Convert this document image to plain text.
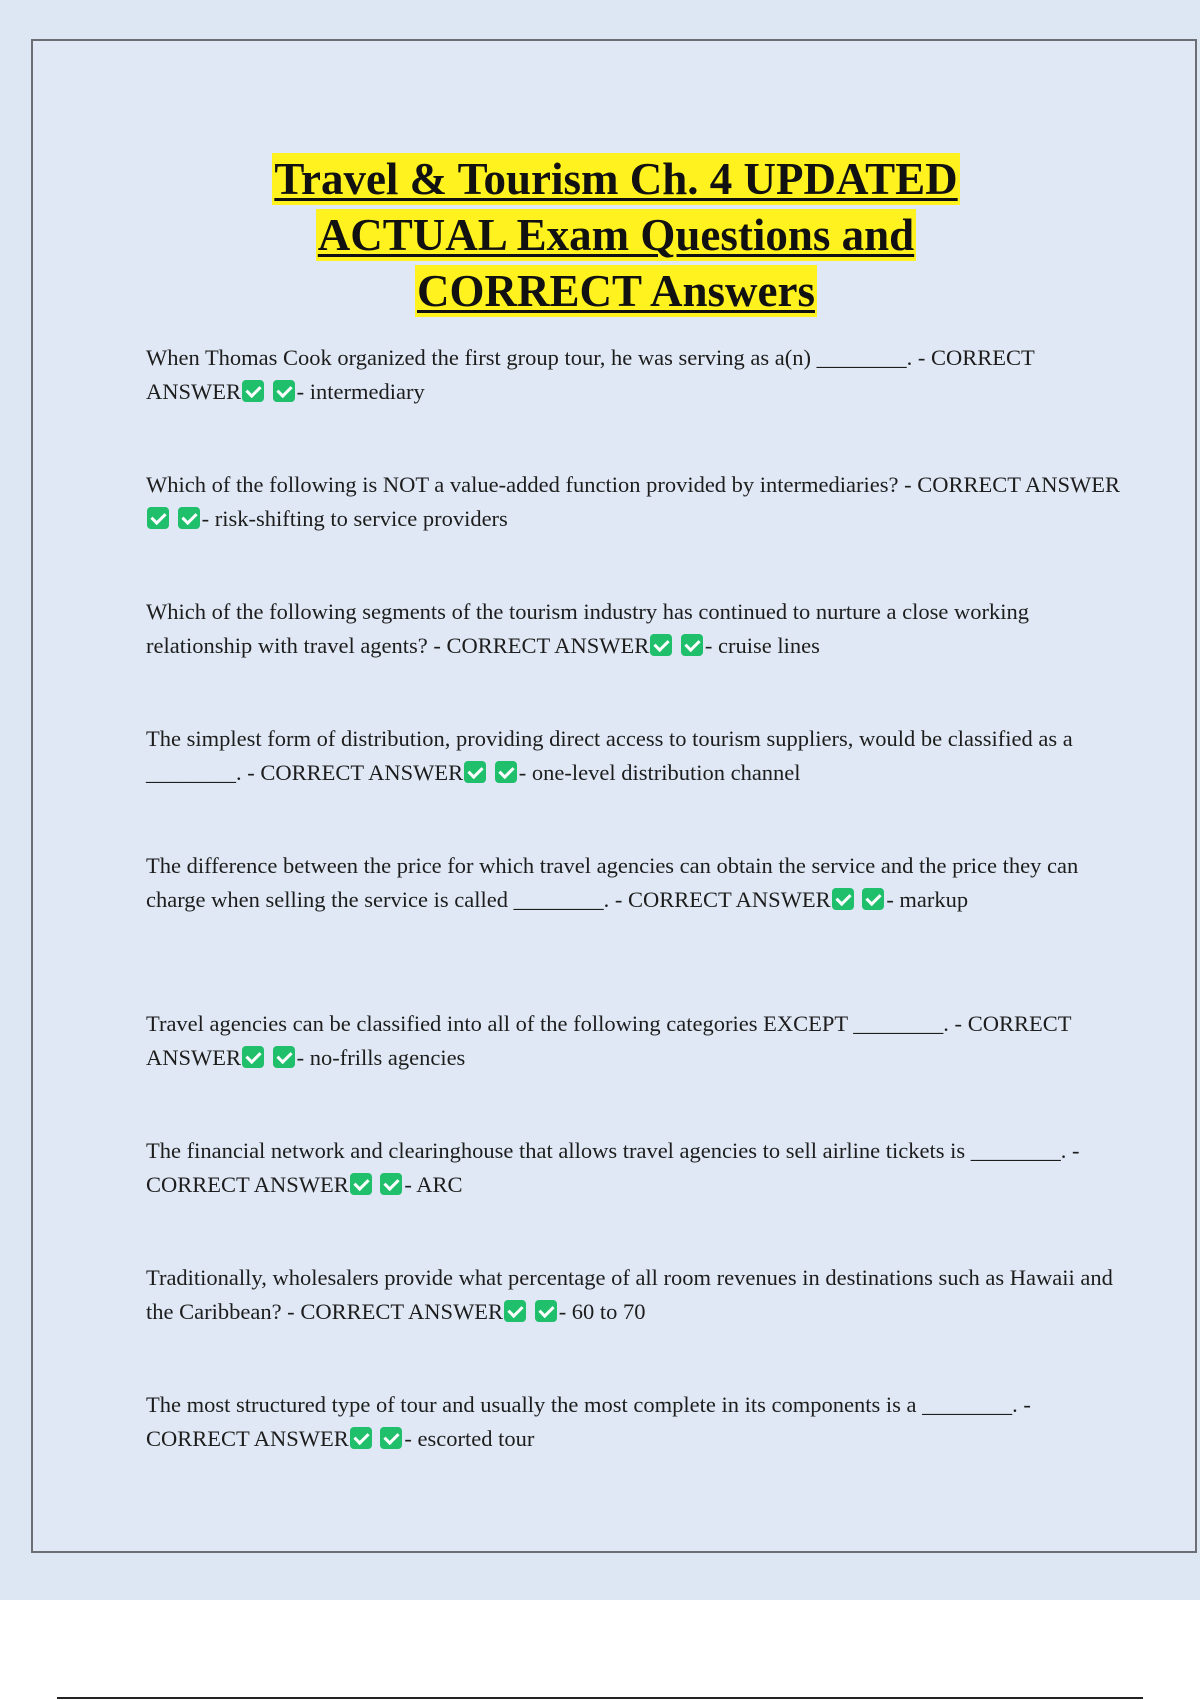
Travel & Tourism Ch. 4 UPDATED
ACTUAL Exam Questions and
CORRECT Answers
When Thomas Cook organized the first group tour, he was serving as a(n) ________. - CORRECT ANSWER - intermediary
Which of the following is NOT a value-added function provided by intermediaries? - CORRECT ANSWER - risk-shifting to service providers
Which of the following segments of the tourism industry has continued to nurture a close working relationship with travel agents? - CORRECT ANSWER - cruise lines
The simplest form of distribution, providing direct access to tourism suppliers, would be classified as a ________. - CORRECT ANSWER - one-level distribution channel
The difference between the price for which travel agencies can obtain the service and the price they can charge when selling the service is called ________. - CORRECT ANSWER - markup
Travel agencies can be classified into all of the following categories EXCEPT ________. - CORRECT ANSWER - no-frills agencies
The financial network and clearinghouse that allows travel agencies to sell airline tickets is ________. - CORRECT ANSWER - ARC
Traditionally, wholesalers provide what percentage of all room revenues in destinations such as Hawaii and the Caribbean? - CORRECT ANSWER - 60 to 70
The most structured type of tour and usually the most complete in its components is a ________. - CORRECT ANSWER - escorted tour
